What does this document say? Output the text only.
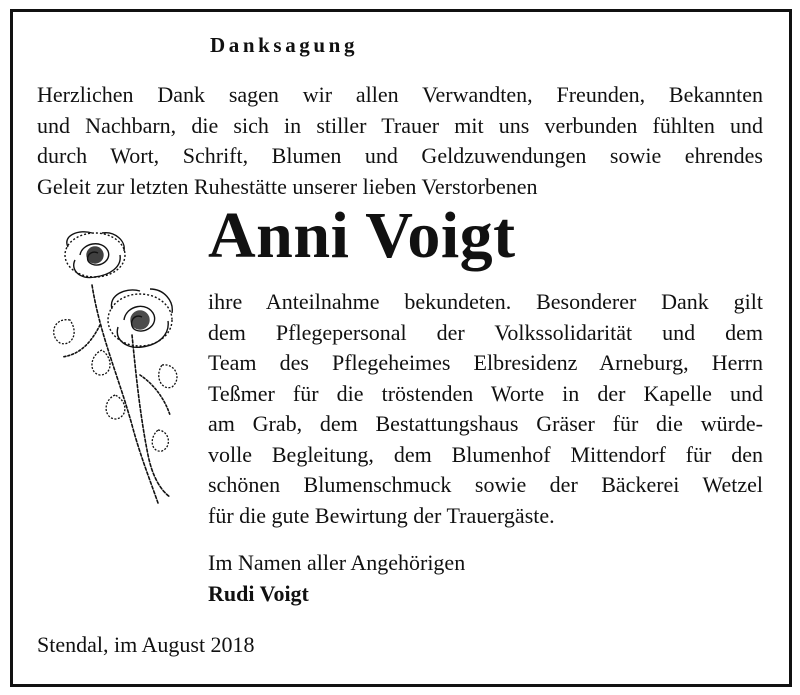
Danksagung
Herzlichen Dank sagen wir allen Verwandten, Freunden, Bekannten
und Nachbarn, die sich in stiller Trauer mit uns verbunden fühlten und
durch Wort, Schrift, Blumen und Geldzuwendungen sowie ehrendes
Geleit zur letzten Ruhestätte unserer lieben Verstorbenen
Anni Voigt
ihre Anteilnahme bekundeten. Besonderer Dank gilt
dem Pflegepersonal der Volkssolidarität und dem
Team des Pflegeheimes Elbresidenz Arneburg, Herrn
Teßmer für die tröstenden Worte in der Kapelle und
am Grab, dem Bestattungshaus Gräser für die würde-
volle Begleitung, dem Blumenhof Mittendorf für den
schönen Blumenschmuck sowie der Bäckerei Wetzel
für die gute Bewirtung der Trauergäste.
Im Namen aller Angehörigen
Rudi Voigt
Stendal, im August 2018
